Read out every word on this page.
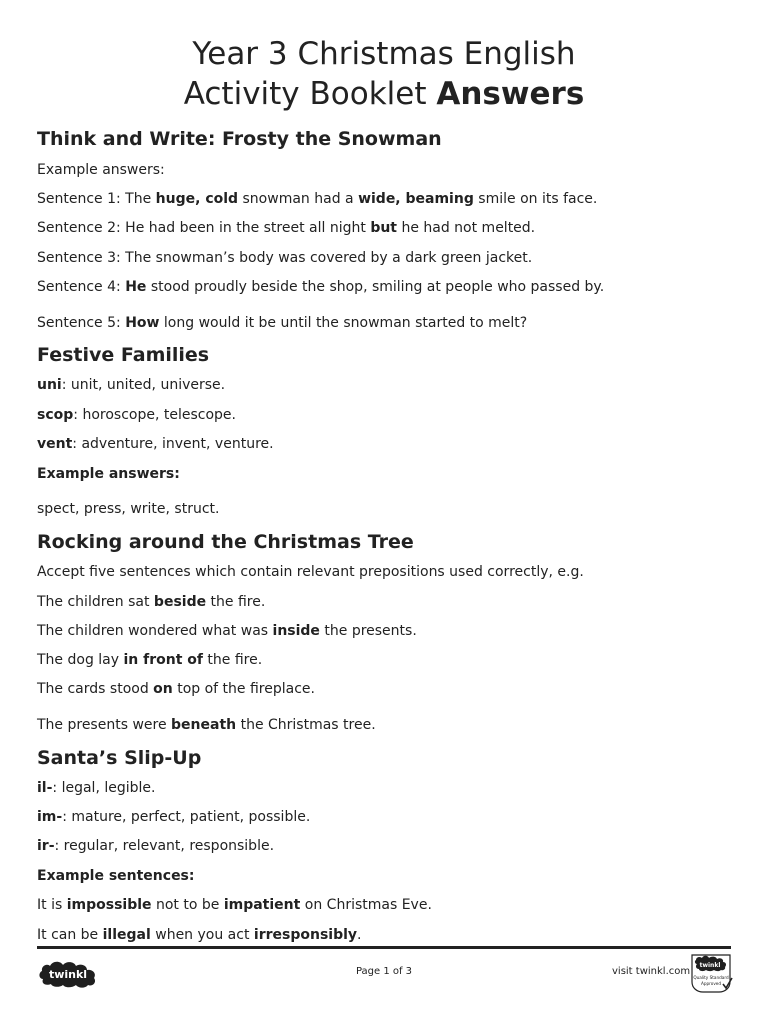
Year 3 Christmas English
Activity Booklet Answers
Think and Write: Frosty the Snowman

Example answers:

Sentence 1: The huge, cold snowman had a wide, beaming smile on its face.

Sentence 2: He had been in the street all night but he had not melted.

Sentence 3: The snowman’s body was covered by a dark green jacket.

Sentence 4: He stood proudly beside the shop, smiling at people who passed by.

Sentence 5: How long would it be until the snowman started to melt?

Festive Families

uni: unit, united, universe.

scop: horoscope, telescope.

vent: adventure, invent, venture.

Example answers:

spect, press, write, struct.

Rocking around the Christmas Tree

Accept five sentences which contain relevant prepositions used correctly, e.g.

The children sat beside the fire.

The children wondered what was inside the presents.

The dog lay in front of the fire.

The cards stood on top of the fireplace.

The presents were beneath the Christmas tree.

Santa’s Slip-Up

il-: legal, legible.

im-: mature, perfect, patient, possible.

ir-: regular, relevant, responsible.

Example sentences:

It is impossible not to be impatient on Christmas Eve.

It can be illegal when you act irresponsibly.

twinkl	Page 1 of 3	visit twinkl.com
twinkl
Quality Standard
Approved
